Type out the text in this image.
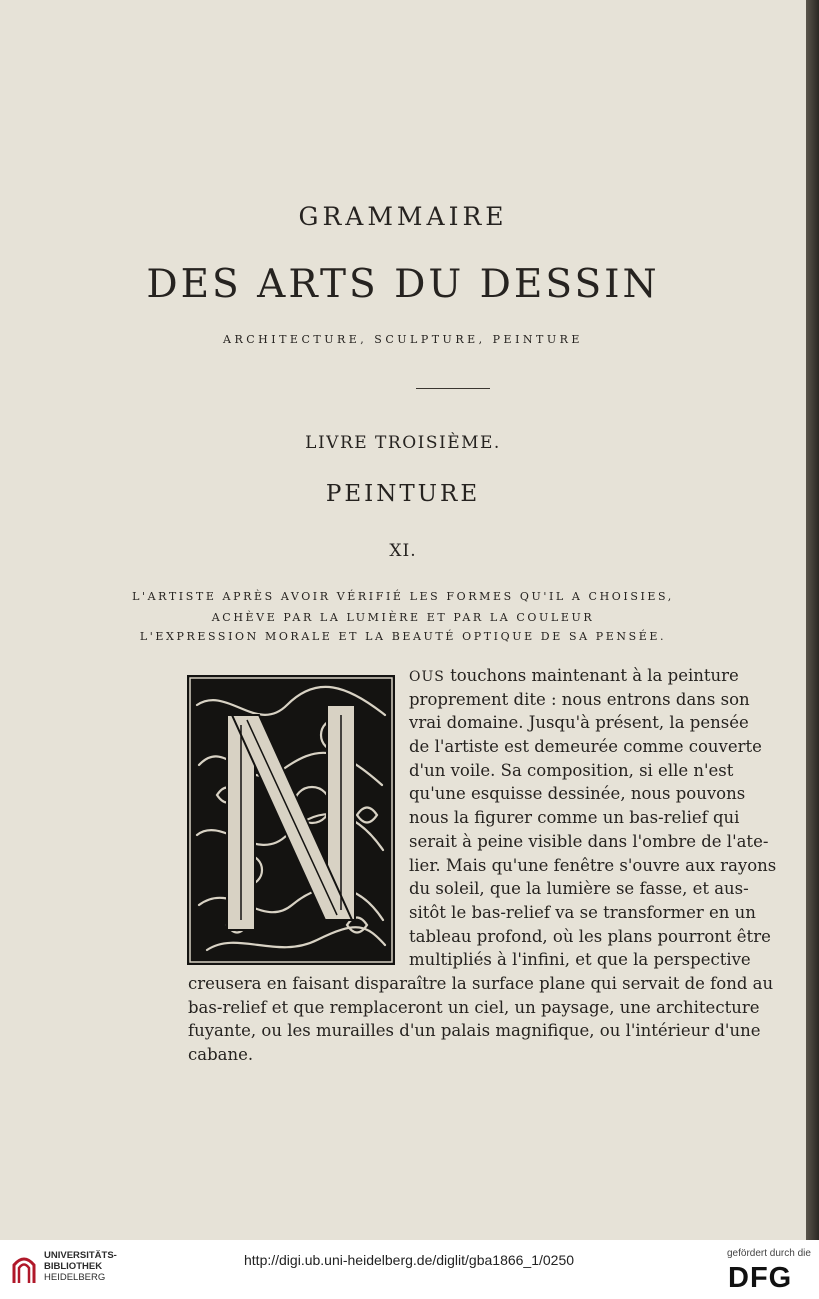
GRAMMAIRE
DES ARTS DU DESSIN
ARCHITECTURE, SCULPTURE, PEINTURE
LIVRE TROISIÈME.
PEINTURE
XI.
L'ARTISTE APRÈS AVOIR VÉRIFIÉ LES FORMES QU'IL A CHOISIES,
ACHÈVE PAR LA LUMIÈRE ET PAR LA COULEUR
L'EXPRESSION MORALE ET LA BEAUTÉ OPTIQUE DE SA PENSÉE.
OUS touchons maintenant à la peinture
proprement dite : nous entrons dans son
vrai domaine. Jusqu'à présent, la pensée
de l'artiste est demeurée comme couverte
d'un voile. Sa composition, si elle n'est
qu'une esquisse dessinée, nous pouvons
nous la figurer comme un bas-relief qui
serait à peine visible dans l'ombre de l'ate-
lier. Mais qu'une fenêtre s'ouvre aux rayons
du soleil, que la lumière se fasse, et aus-
sitôt le bas-relief va se transformer en un
tableau profond, où les plans pourront être
multipliés à l'infini, et que la perspective
creusera en faisant disparaître la surface plane qui servait de fond au
bas-relief et que remplaceront un ciel, un paysage, une architecture
fuyante, ou les murailles d'un palais magnifique, ou l'intérieur d'une
cabane.
UNIVERSITÄTS-
BIBLIOTHEK
HEIDELBERG
http://digi.ub.uni-heidelberg.de/diglit/gba1866_1/0250	gefördert durch die
DFG
